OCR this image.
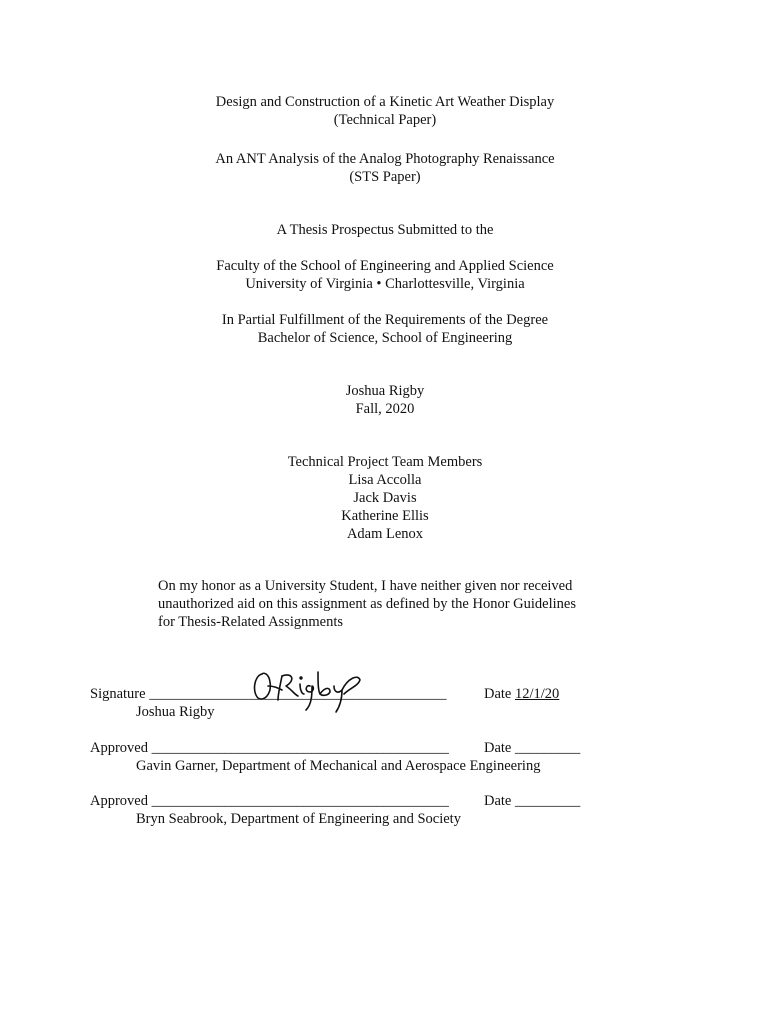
Design and Construction of a Kinetic Art Weather Display
(Technical Paper)
An ANT Analysis of the Analog Photography Renaissance
(STS Paper)
A Thesis Prospectus Submitted to the
Faculty of the School of Engineering and Applied Science
University of Virginia • Charlottesville, Virginia
In Partial Fulfillment of the Requirements of the Degree
Bachelor of Science, School of Engineering
Joshua Rigby
Fall, 2020
Technical Project Team Members
Lisa Accolla
Jack Davis
Katherine Ellis
Adam Lenox
On my honor as a University Student, I have neither given nor received
unauthorized aid on this assignment as defined by the Honor Guidelines
for Thesis-Related Assignments
Signature _________________________________________	Date 12/1/20
Joshua Rigby
Approved _________________________________________ Date _________
Gavin Garner, Department of Mechanical and Aerospace Engineering
Approved _________________________________________ Date _________
Bryn Seabrook, Department of Engineering and Society
